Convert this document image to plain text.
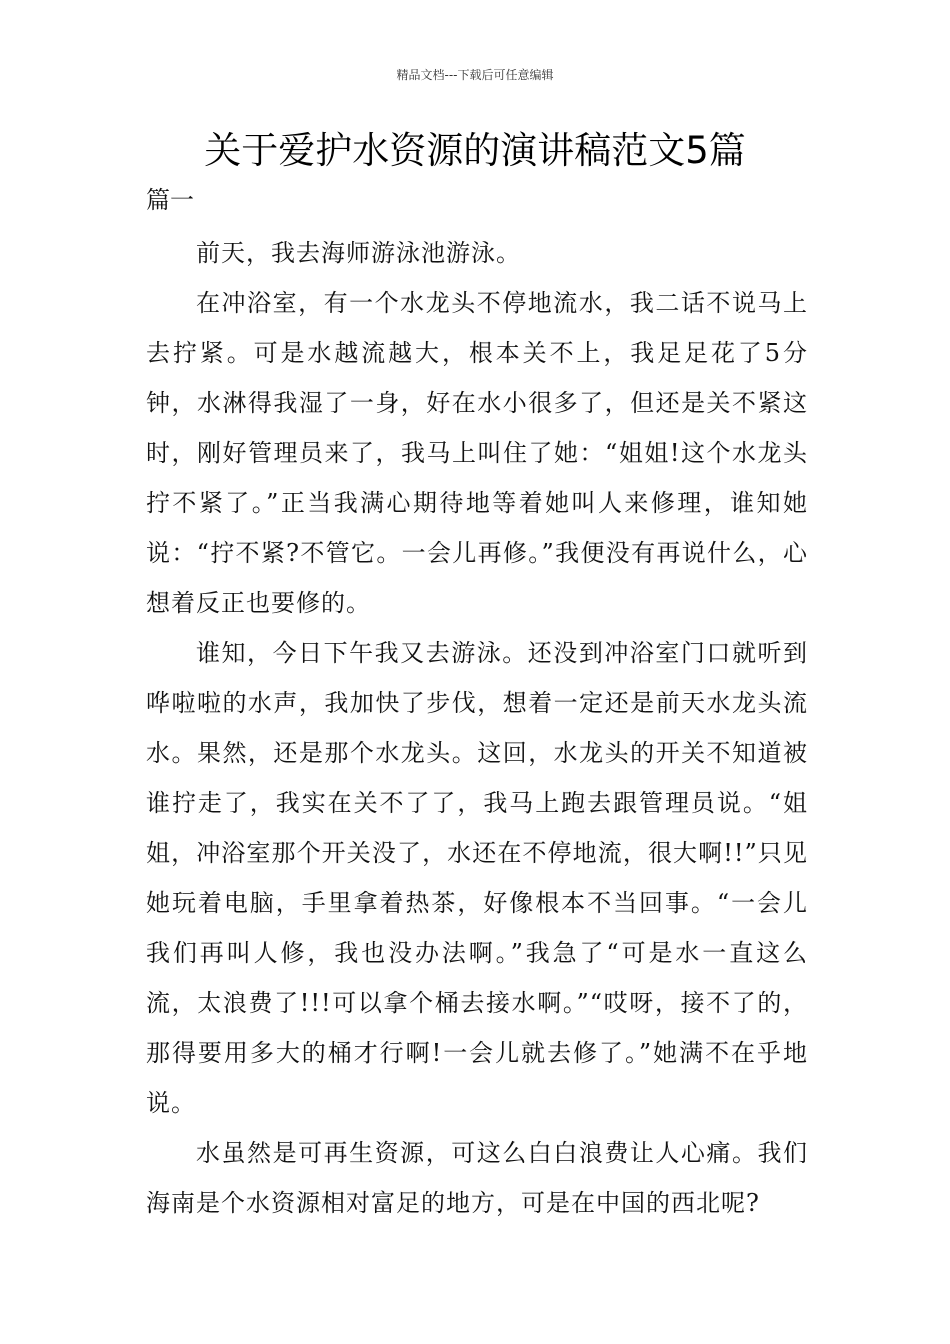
精品文档---下载后可任意编辑
关于爱护水资源的演讲稿范文5篇
篇一

前天，我去海师游泳池游泳。

在冲浴室，有一个水龙头不停地流水，我二话不说马上去拧紧。可是水越流越大，根本关不上，我足足花了5分钟，水淋得我湿了一身，好在水小很多了，但还是关不紧这时，刚好管理员来了，我马上叫住了她：“姐姐!这个水龙头拧不紧了。”正当我满心期待地等着她叫人来修理，谁知她说：“拧不紧?不管它。一会儿再修。”我便没有再说什么，心想着反正也要修的。

谁知，今日下午我又去游泳。还没到冲浴室门口就听到哗啦啦的水声，我加快了步伐，想着一定还是前天水龙头流水。果然，还是那个水龙头。这回，水龙头的开关不知道被谁拧走了，我实在关不了了，我马上跑去跟管理员说。“姐姐，冲浴室那个开关没了，水还在不停地流，很大啊!!”只见她玩着电脑，手里拿着热茶，好像根本不当回事。“一会儿我们再叫人修，我也没办法啊。”我急了“可是水一直这么流，太浪费了!!!可以拿个桶去接水啊。”“哎呀，接不了的，那得要用多大的桶才行啊!一会儿就去修了。”她满不在乎地说。

水虽然是可再生资源，可这么白白浪费让人心痛。我们海南是个水资源相对富足的地方，可是在中国的西北呢?
